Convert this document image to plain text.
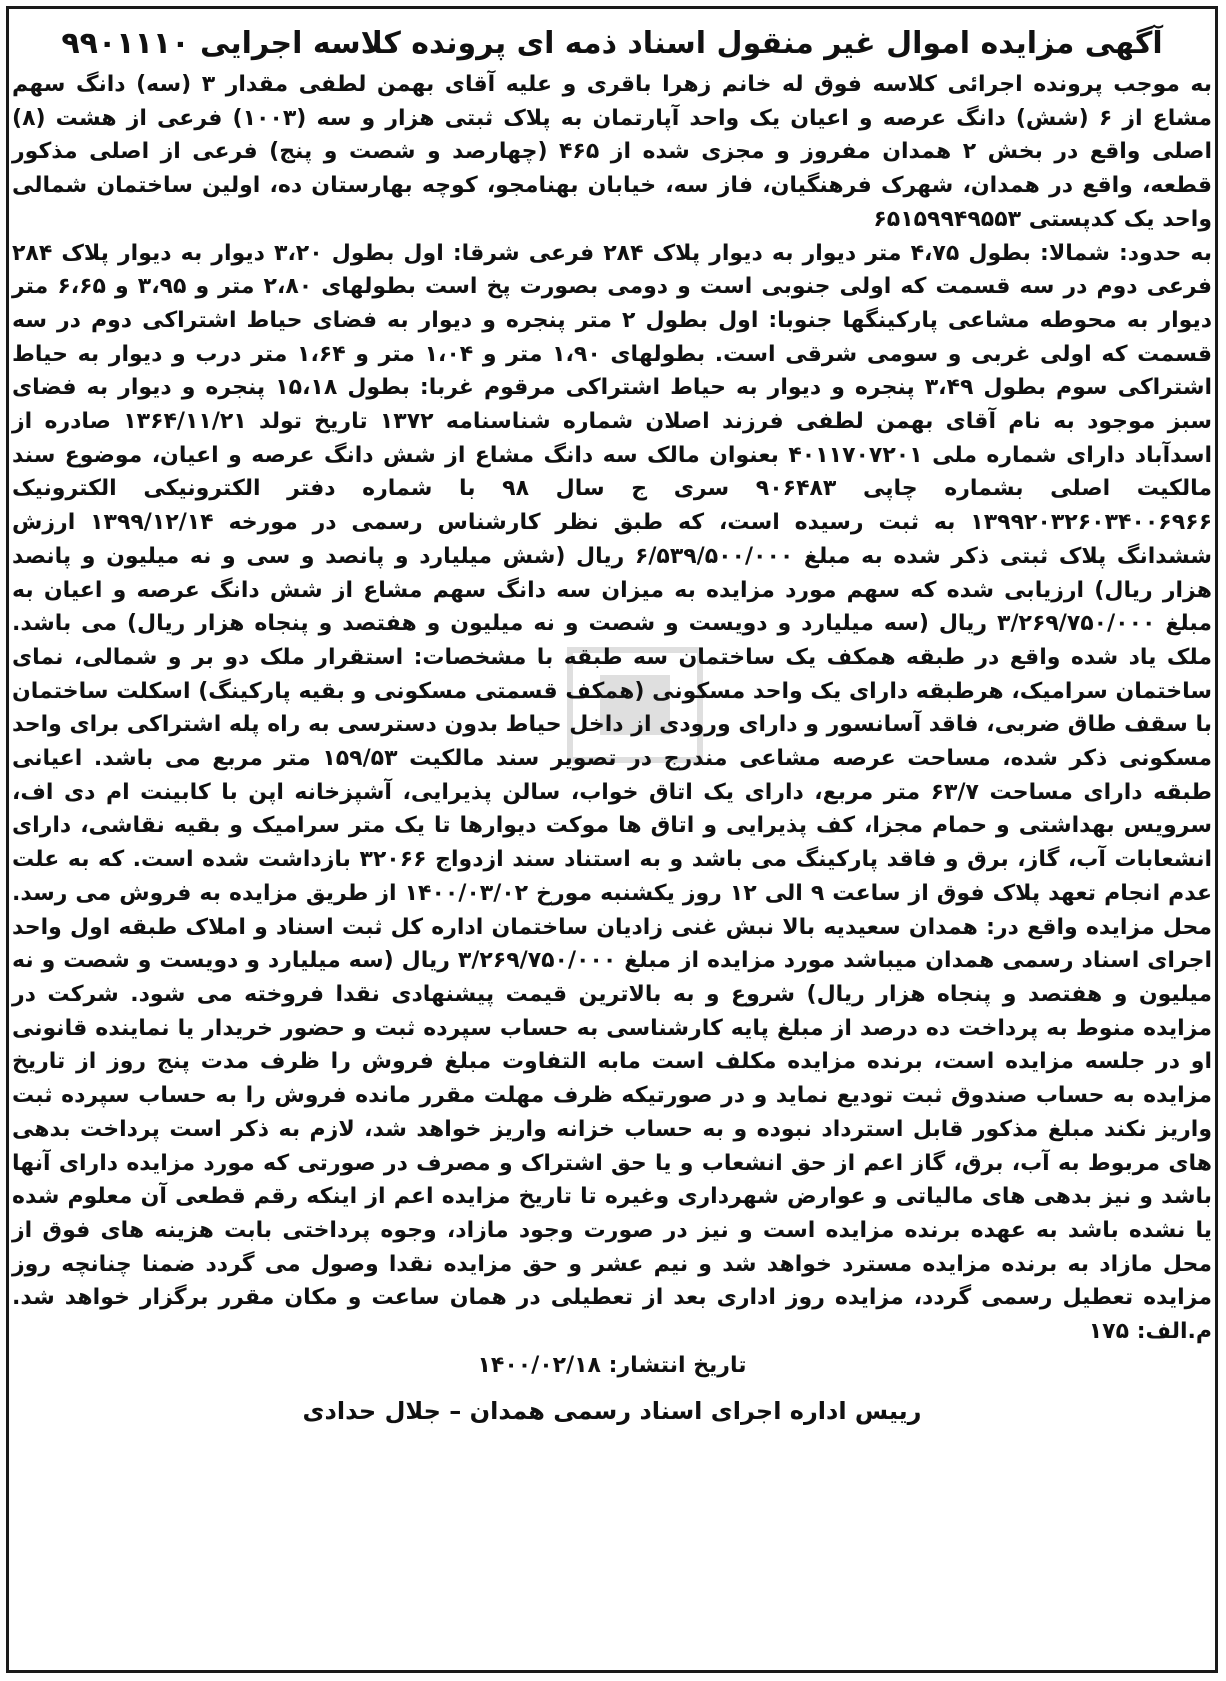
آگهی مزایده اموال غیر منقول اسناد ذمه ای پرونده کلاسه اجرایی ۹۹۰۱۱۱۰

به موجب پرونده اجرائی کلاسه فوق له خانم زهرا باقری و علیه آقای بهمن لطفی مقدار ۳ (سه) دانگ سهم مشاع از ۶ (شش) دانگ عرصه و اعیان یک واحد آپارتمان به پلاک ثبتی هزار و سه (۱۰۰۳) فرعی از هشت (۸) اصلی واقع در بخش ۲ همدان مفروز و مجزی شده از ۴۶۵ (چهارصد و شصت و پنج) فرعی از اصلی مذکور قطعه، واقع در همدان، شهرک فرهنگیان، فاز سه، خیابان بهنامجو، کوچه بهارستان ده، اولین ساختمان شمالی واحد یک کدپستی ۶۵۱۵۹۹۴۹۵۵۳

به حدود: شمالا: بطول ۴،۷۵ متر دیوار به دیوار پلاک ۲۸۴ فرعی شرقا: اول بطول ۳،۲۰ دیوار به دیوار پلاک ۲۸۴ فرعی دوم در سه قسمت که اولی جنوبی است و دومی بصورت پخ است بطولهای ۲،۸۰ متر و ۳،۹۵ و ۶،۶۵ متر دیوار به محوطه مشاعی پارکینگها جنوبا: اول بطول ۲ متر پنجره و دیوار به فضای حیاط اشتراکی دوم در سه قسمت که اولی غربی و سومی شرقی است. بطولهای ۱،۹۰ متر و ۱،۰۴ متر و ۱،۶۴ متر درب و دیوار به حیاط اشتراکی سوم بطول ۳،۴۹ پنجره و دیوار به حیاط اشتراکی مرقوم غربا: بطول ۱۵،۱۸ پنجره و دیوار به فضای سبز موجود به نام آقای بهمن لطفی فرزند اصلان شماره شناسنامه ۱۳۷۲ تاریخ تولد ۱۳۶۴/۱۱/۲۱ صادره از اسدآباد دارای شماره ملی ۴۰۱۱۷۰۷۲۰۱ بعنوان مالک سه دانگ مشاع از شش دانگ عرصه و اعیان، موضوع سند مالکیت اصلی بشماره چاپی ۹۰۶۴۸۳ سری ج سال ۹۸ با شماره دفتر الکترونیکی الکترونیک ۱۳۹۹۲۰۳۲۶۰۳۴۰۰۶۹۶۶ به ثبت رسیده است، که طبق نظر کارشناس رسمی در مورخه ۱۳۹۹/۱۲/۱۴ ارزش ششدانگ پلاک ثبتی ذکر شده به مبلغ ۶/۵۳۹/۵۰۰/۰۰۰ ریال (شش میلیارد و پانصد و سی و نه میلیون و پانصد هزار ریال) ارزیابی شده که سهم مورد مزایده به میزان سه دانگ سهم مشاع از شش دانگ عرصه و اعیان به مبلغ ۳/۲۶۹/۷۵۰/۰۰۰ ریال (سه میلیارد و دویست و شصت و نه میلیون و هفتصد و پنجاه هزار ریال) می باشد. ملک یاد شده واقع در طبقه همکف یک ساختمان سه طبقه با مشخصات: استقرار ملک دو بر و شمالی، نمای ساختمان سرامیک، هرطبقه دارای یک واحد مسکونی (همکف قسمتی مسکونی و بقیه پارکینگ) اسکلت ساختمان با سقف طاق ضربی، فاقد آسانسور و دارای ورودی از داخل حیاط بدون دسترسی به راه پله اشتراکی برای واحد مسکونی ذکر شده، مساحت عرصه مشاعی مندرج در تصویر سند مالکیت ۱۵۹/۵۳ متر مربع می باشد. اعیانی طبقه دارای مساحت ۶۳/۷ متر مربع، دارای یک اتاق خواب، سالن پذیرایی، آشپزخانه اپن با کابینت ام دی اف، سرویس بهداشتی و حمام مجزا، کف پذیرایی و اتاق ها موکت دیوارها تا یک متر سرامیک و بقیه نقاشی، دارای انشعابات آب، گاز، برق و فاقد پارکینگ می باشد و به استناد سند ازدواج ۳۲۰۶۶ بازداشت شده است. که به علت عدم انجام تعهد پلاک فوق از ساعت ۹ الی ۱۲ روز یکشنبه مورخ ۱۴۰۰/۰۳/۰۲ از طریق مزایده به فروش می رسد. محل مزایده واقع در: همدان سعیدیه بالا نبش غنی زادیان ساختمان اداره کل ثبت اسناد و املاک طبقه اول واحد اجرای اسناد رسمی همدان میباشد مورد مزایده از مبلغ ۳/۲۶۹/۷۵۰/۰۰۰ ریال (سه میلیارد و دویست و شصت و نه میلیون و هفتصد و پنجاه هزار ریال) شروع و به بالاترین قیمت پیشنهادی نقدا فروخته می شود. شرکت در مزایده منوط به پرداخت ده درصد از مبلغ پایه کارشناسی به حساب سپرده ثبت و حضور خریدار یا نماینده قانونی او در جلسه مزایده است، برنده مزایده مکلف است مابه التفاوت مبلغ فروش را ظرف مدت پنج روز از تاریخ مزایده به حساب صندوق ثبت تودیع نماید و در صورتیکه ظرف مهلت مقرر مانده فروش را به حساب سپرده ثبت واریز نکند مبلغ مذکور قابل استرداد نبوده و به حساب خزانه واریز خواهد شد، لازم به ذکر است پرداخت بدهی های مربوط به آب، برق، گاز اعم از حق انشعاب و یا حق اشتراک و مصرف در صورتی که مورد مزایده دارای آنها باشد و نیز بدهی های مالیاتی و عوارض شهرداری وغیره تا تاریخ مزایده اعم از اینکه رقم قطعی آن معلوم شده یا نشده باشد به عهده برنده مزایده است و نیز در صورت وجود مازاد، وجوه پرداختی بابت هزینه های فوق از محل مازاد به برنده مزایده مسترد خواهد شد و نیم عشر و حق مزایده نقدا وصول می گردد ضمنا چنانچه روز مزایده تعطیل رسمی گردد، مزایده روز اداری بعد از تعطیلی در همان ساعت و مکان مقرر برگزار خواهد شد. م.الف: ۱۷۵

تاریخ انتشار: ۱۴۰۰/۰۲/۱۸

رییس اداره اجرای اسناد رسمی همدان – جلال حدادی
